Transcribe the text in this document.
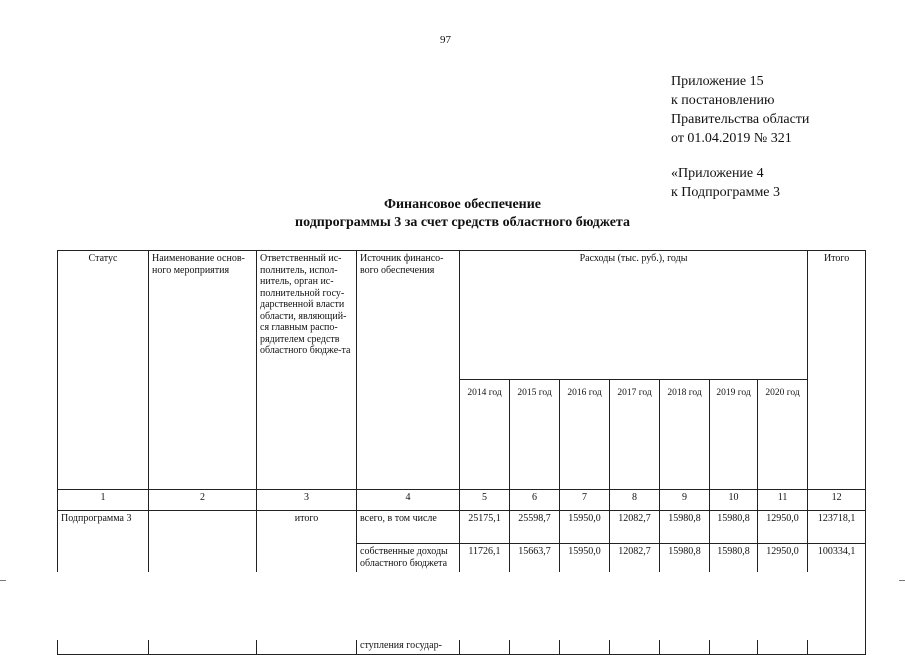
97
Приложение 15
к постановлению
Правительства области
от 01.04.2019 № 321
«Приложение 4
к Подпрограмме 3
Финансовое обеспечение
подпрограммы 3 за счет средств областного бюджета
Статус	Наименование основ-ного мероприятия	Ответственный ис-полнитель, испол-нитель, орган ис-полнительной госу-дарственной власти области, являющий-ся главным распо-рядителем средств областного бюдже-та	Источник финансо-вого обеспечения	Расходы (тыс. руб.), годы							Итого
				2014 год	2015 год	2016 год	2017 год	2018 год	2019 год	2020 год	
1	2	3	4	5	6	7	8	9	10	11	12
Подпрограмма 3		итого	всего, в том числе	25175,1	25598,7	15950,0	12082,7	15980,8	15980,8	12950,0	123718,1
			собственные доходы областного бюджета	11726,1	15663,7	15950,0	12082,7	15980,8	15980,8	12950,0	100334,1

			ступления государ-								
